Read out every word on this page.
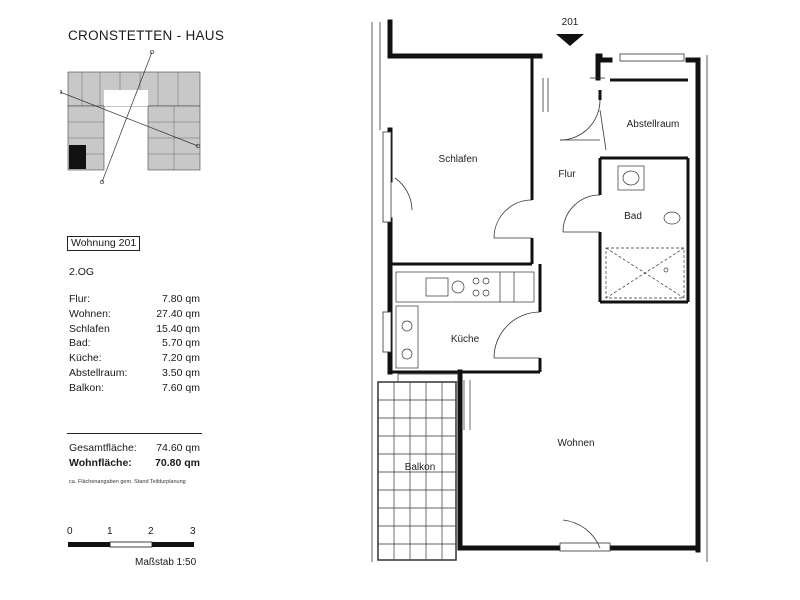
CRONSTETTEN - HAUS
Wohnung 201
2.OG
Flur:	7.80 qm
Wohnen:	27.40 qm
Schlafen	15.40 qm
Bad:	5.70 qm
Küche:	7.20 qm
Abstellraum:	3.50 qm
Balkon:	7.60 qm
Gesamtfläche: 74.60 qm
Wohnfläche: 70.80 qm
ca. Flächenangaben gem. Stand Teildurplanung
0	1	2	3
Maßstab 1:50
201
Schlafen
Flur
Abstellraum
Bad
Küche
Wohnen
Balkon
